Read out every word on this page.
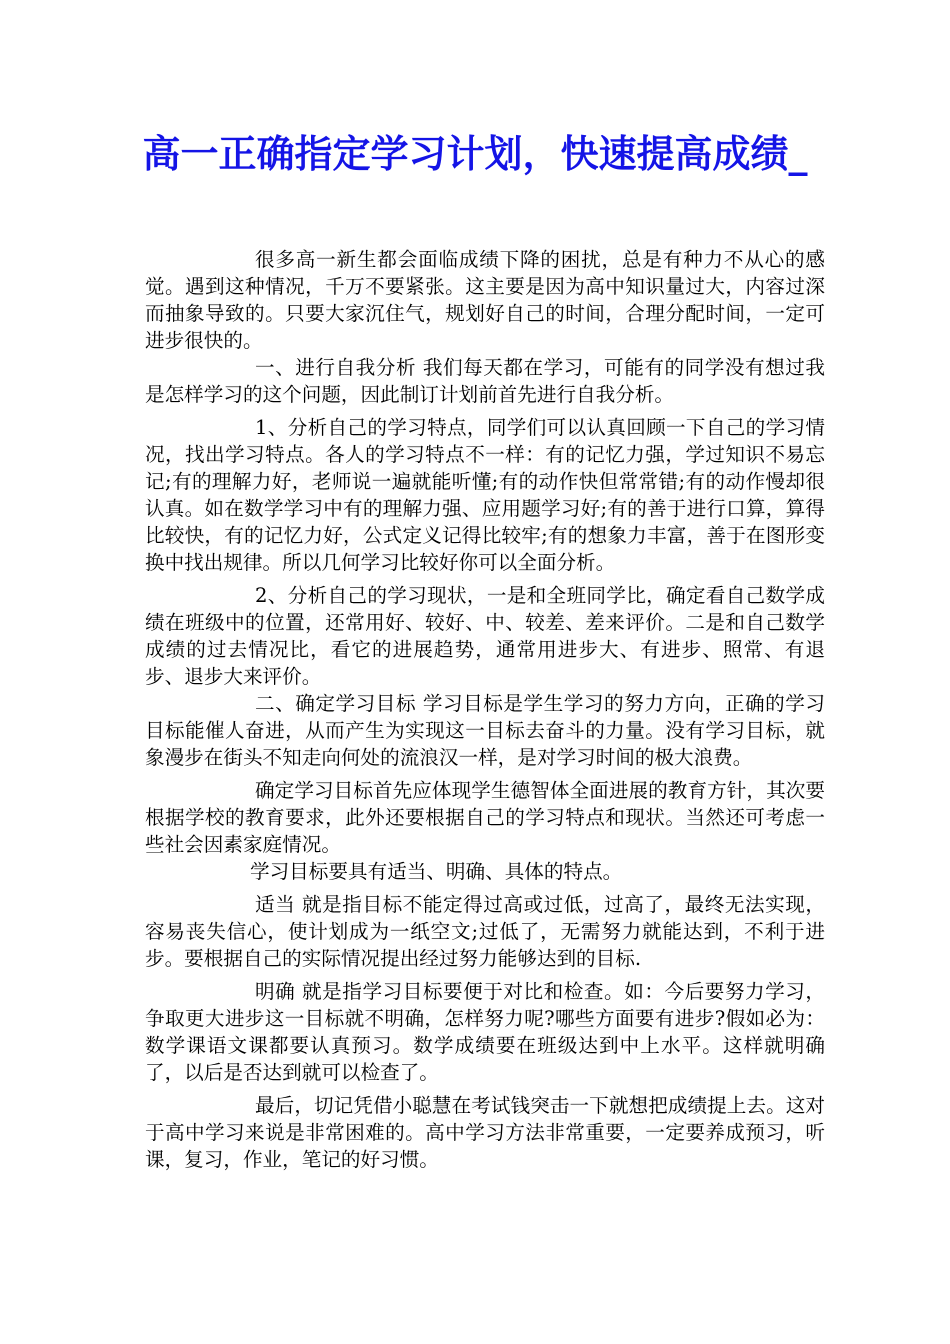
高一正确指定学习计划，快速提高成绩_

很多高一新生都会面临成绩下降的困扰，总是有种力不从心的感觉。遇到这种情况，千万不要紧张。这主要是因为高中知识量过大，内容过深而抽象导致的。只要大家沉住气，规划好自己的时间，合理分配时间，一定可进步很快的。

一、进行自我分析 我们每天都在学习，可能有的同学没有想过我是怎样学习的这个问题，因此制订计划前首先进行自我分析。

1、分析自己的学习特点，同学们可以认真回顾一下自己的学习情况，找出学习特点。各人的学习特点不一样：有的记忆力强，学过知识不易忘记;有的理解力好，老师说一遍就能听懂;有的动作快但常常错;有的动作慢却很认真。如在数学学习中有的理解力强、应用题学习好;有的善于进行口算，算得比较快，有的记忆力好，公式定义记得比较牢;有的想象力丰富，善于在图形变换中找出规律。所以几何学习比较好你可以全面分析。

2、分析自己的学习现状，一是和全班同学比，确定看自己数学成绩在班级中的位置，还常用好、较好、中、较差、差来评价。二是和自己数学成绩的过去情况比，看它的进展趋势，通常用进步大、有进步、照常、有退步、退步大来评价。

二、确定学习目标 学习目标是学生学习的努力方向，正确的学习目标能催人奋进，从而产生为实现这一目标去奋斗的力量。没有学习目标，就象漫步在街头不知走向何处的流浪汉一样，是对学习时间的极大浪费。

确定学习目标首先应体现学生德智体全面进展的教育方针，其次要根据学校的教育要求，此外还要根据自己的学习特点和现状。当然还可考虑一些社会因素家庭情况。

学习目标要具有适当、明确、具体的特点。

适当 就是指目标不能定得过高或过低，过高了，最终无法实现，容易丧失信心，使计划成为一纸空文;过低了，无需努力就能达到，不利于进步。要根据自己的实际情况提出经过努力能够达到的目标.

明确 就是指学习目标要便于对比和检查。如：今后要努力学习，争取更大进步这一目标就不明确，怎样努力呢?哪些方面要有进步?假如必为：数学课语文课都要认真预习。数学成绩要在班级达到中上水平。这样就明确了，以后是否达到就可以检查了。

最后，切记凭借小聪慧在考试钱突击一下就想把成绩提上去。这对于高中学习来说是非常困难的。高中学习方法非常重要，一定要养成预习，听课，复习，作业，笔记的好习惯。
